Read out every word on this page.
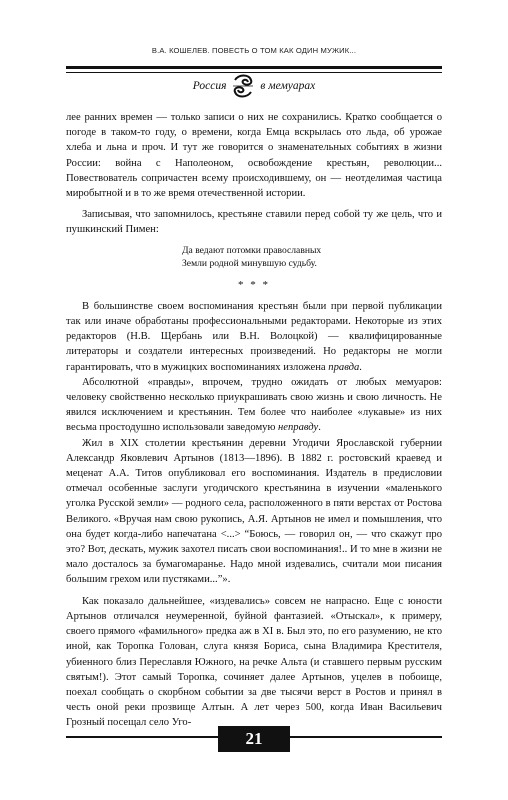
В.А. КОШЕЛЕВ. ПОВЕСТЬ О ТОМ КАК ОДИН МУЖИК...
Россия	в мемуарах

лее ранних времен — только записи о них не сохранились. Кратко сообщается о погоде в таком-то году, о времени, когда Емца вскрылась ото льда, об урожае хлеба и льна и проч. И тут же говорится о знаменательных событиях в жизни России: война с Наполеоном, освобождение крестьян, революции... Повествователь сопричастен всему происходившему, он — неотделимая частица миробытной и в то же время отечественной истории.

Записывая, что запомнилось, крестьяне ставили перед собой ту же цель, что и пушкинский Пимен:

Да ведают потомки православных
Земли родной минувшую судьбу.
* * *

В большинстве своем воспоминания крестьян были при первой публикации так или иначе обработаны профессиональными редакторами. Некоторые из этих редакторов (Н.В. Щербань или В.Н. Волоцкой) — квалифицированные литераторы и создатели интересных произведений. Но редакторы не могли гарантировать, что в мужицких воспоминаниях изложена правда.

Абсолютной «правды», впрочем, трудно ожидать от любых мемуаров: человеку свойственно несколько приукрашивать свою жизнь и свою личность. Не явился исключением и крестьянин. Тем более что наиболее «лукавые» из них весьма простодушно использовали заведомую неправду.

Жил в XIX столетии крестьянин деревни Угодичи Ярославской губернии Александр Яковлевич Артынов (1813—1896). В 1882 г. ростовский краевед и меценат А.А. Титов опубликовал его воспоминания. Издатель в предисловии отмечал особенные заслуги угодичского крестьянина в изучении «маленького уголка Русской земли» — родного села, расположенного в пяти верстах от Ростова Великого. «Вручая нам свою рукопись, А.Я. Артынов не имел и помышления, что она будет когда-либо напечатана <...> “Боюсь, — говорил он, — что скажут про это? Вот, дескать, мужик захотел писать свои воспоминания!.. И то мне в жизни не мало досталось за бумагомаранье. Надо мной издевались, считали мои писания большим грехом или пустяками...”».

Как показало дальнейшее, «издевались» совсем не напрасно. Еще с юности Артынов отличался неумеренной, буйной фантазией. «Отыскал», к примеру, своего прямого «фамильного» предка аж в XI в. Был это, по его разумению, не кто иной, как Торопка Голован, слуга князя Бориса, сына Владимира Крестителя, убиенного близ Переславля Южного, на речке Альта (и ставшего первым русским святым!). Этот самый Торопка, сочиняет далее Артынов, уцелев в побоище, поехал сообщать о скорбном событии за две тысячи верст в Ростов и принял в честь оной реки прозвище Алтын. А лет через 500, когда Иван Васильевич Грозный посещал село Уго-

21
